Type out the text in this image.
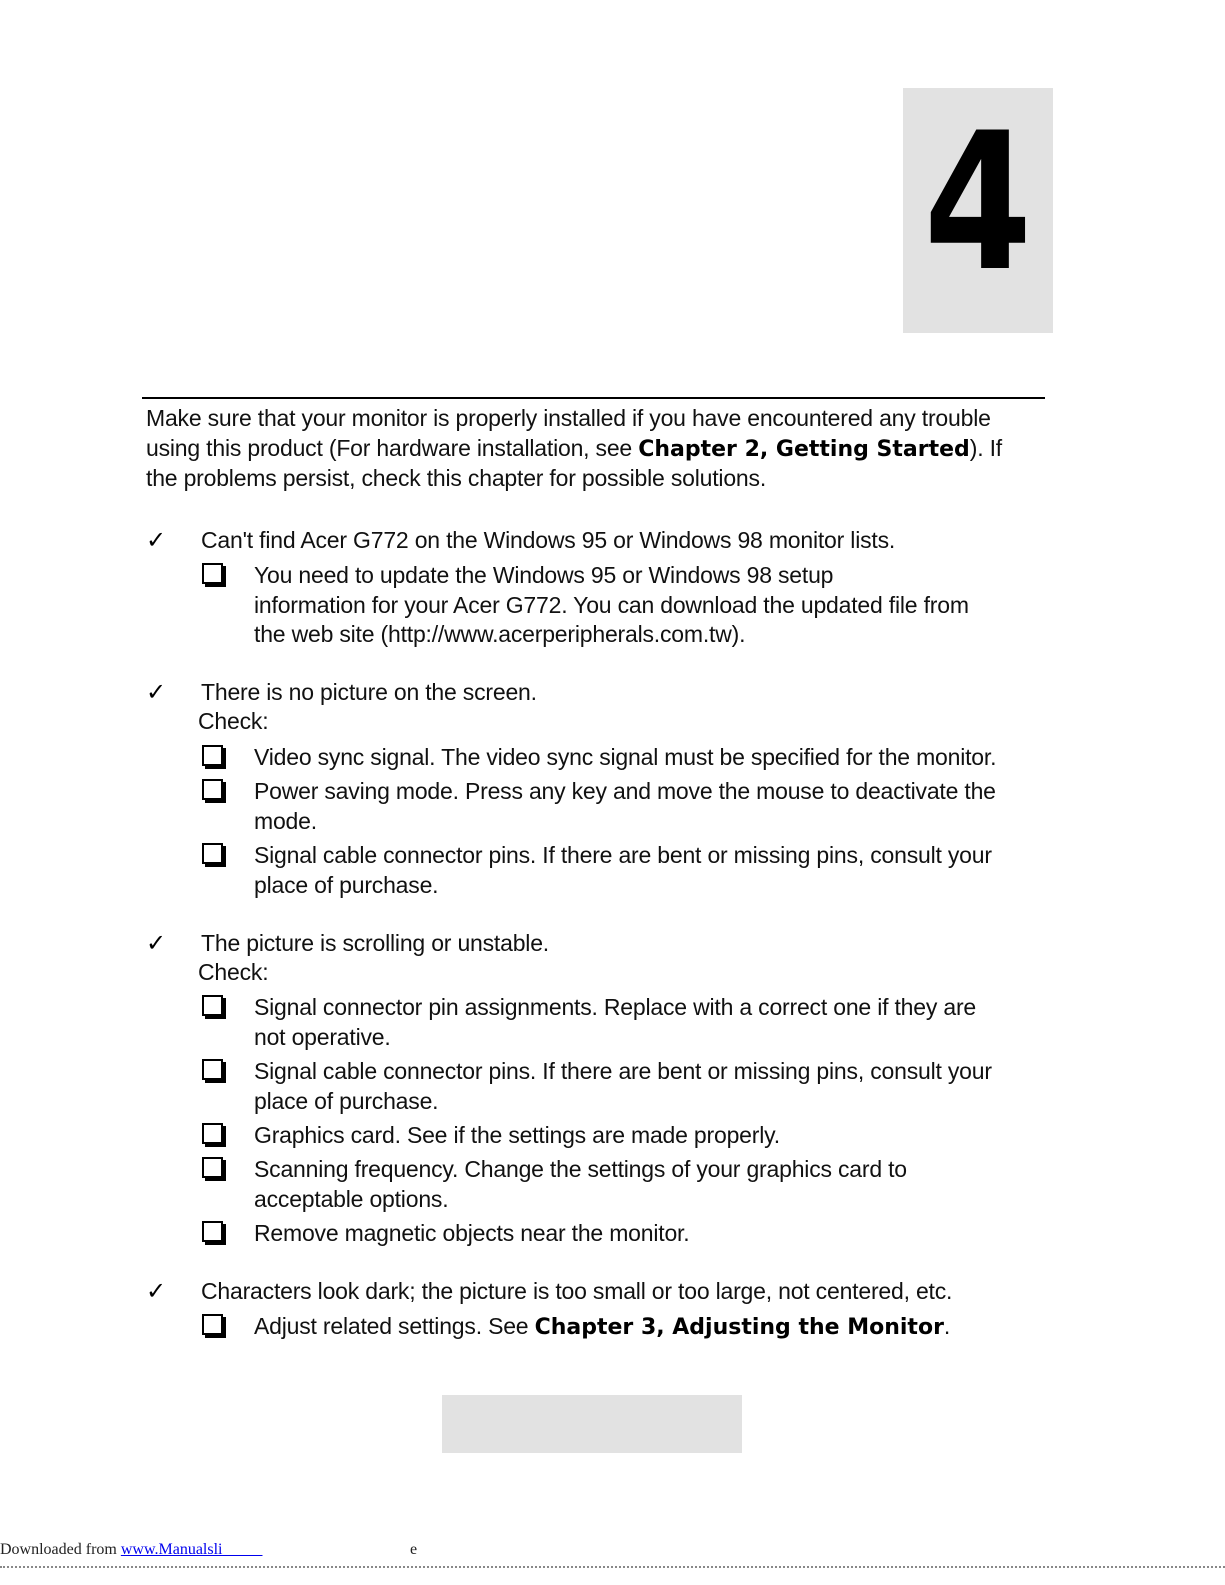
4
Make sure that your monitor is properly installed if you have encountered any trouble
using this product (For hardware installation, see Chapter 2, Getting Started). If
the problems persist, check this chapter for possible solutions.
✓ Can't find Acer G772 on the Windows 95 or Windows 98 monitor lists.
You need to update the Windows 95 or Windows 98 setup
information for your Acer G772. You can download the updated file from
the web site (http://www.acerperipherals.com.tw).
✓ There is no picture on the screen.
Check:
Video sync signal. The video sync signal must be specified for the monitor.
Power saving mode. Press any key and move the mouse to deactivate the
mode.
Signal cable connector pins. If there are bent or missing pins, consult your
place of purchase.
✓ The picture is scrolling or unstable.
Check:
Signal connector pin assignments. Replace with a correct one if they are
not operative.
Signal cable connector pins. If there are bent or missing pins, consult your
place of purchase.
Graphics card. See if the settings are made properly.
Scanning frequency. Change the settings of your graphics card to
acceptable options.
Remove magnetic objects near the monitor.
✓ Characters look dark; the picture is too small or too large, not centered, etc.
Adjust related settings. See Chapter 3, Adjusting the Monitor.
Downloaded from www.Manualsli	e
